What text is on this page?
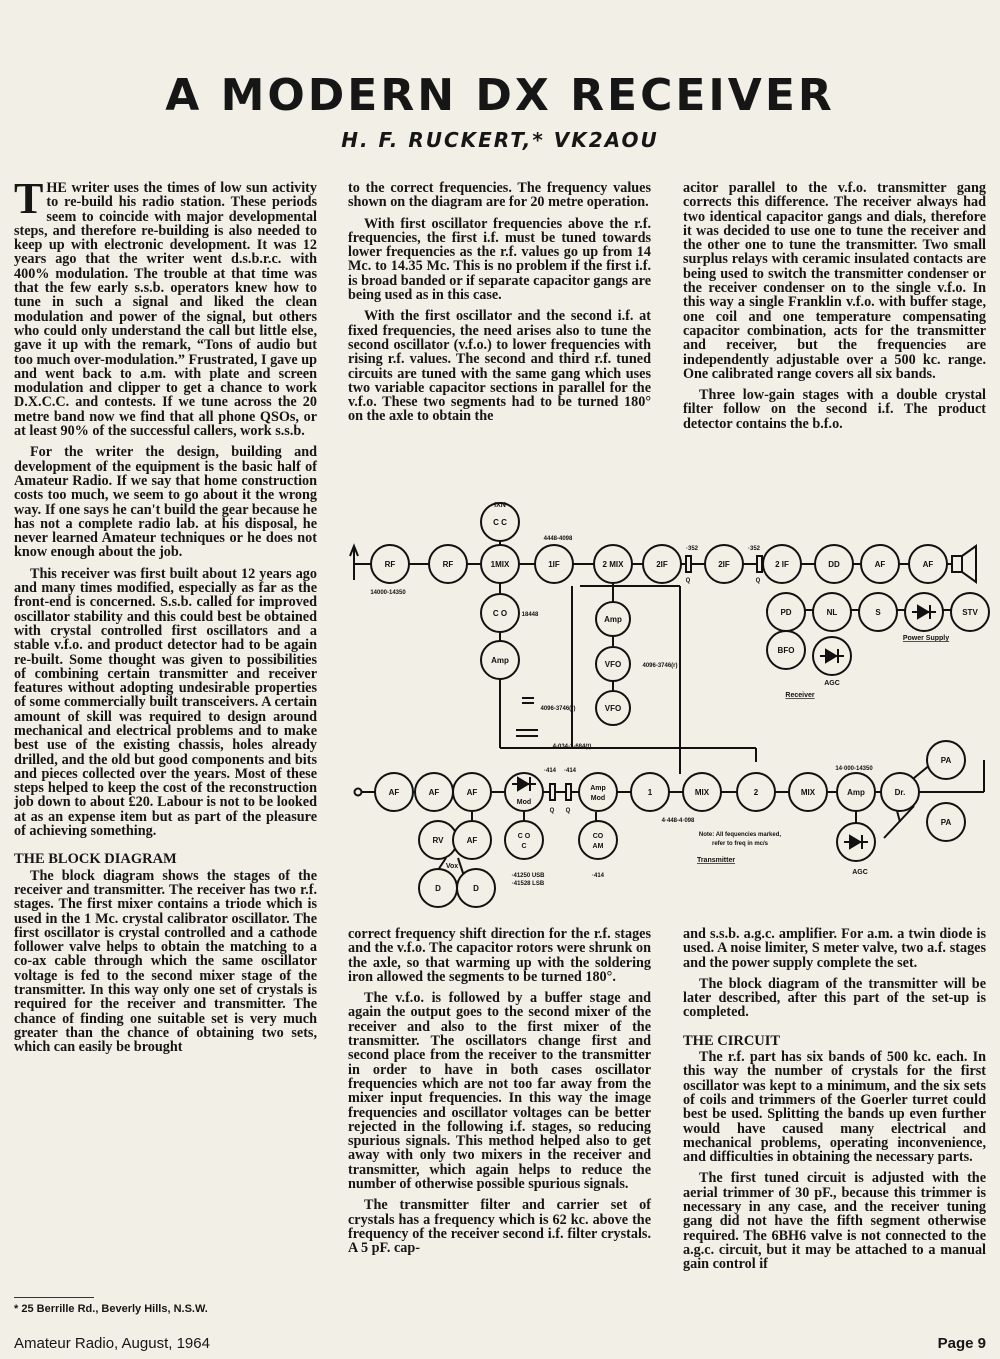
A MODERN DX RECEIVER
H. F. RUCKERT,* VK2AOU

THE writer uses the times of low sun activity to re-build his radio station. These periods seem to coincide with major developmental steps, and therefore re-building is also needed to keep up with electronic development. It was 12 years ago that the writer went d.s.b.r.c. with 400% modulation. The trouble at that time was that the few early s.s.b. operators knew how to tune in such a signal and liked the clean modulation and power of the signal, but others who could only understand the call but little else, gave it up with the remark, “Tons of audio but too much over-modulation.” Frustrated, I gave up and went back to a.m. with plate and screen modulation and clipper to get a chance to work D.X.C.C. and contests. If we tune across the 20 metre band now we find that all phone QSOs, or at least 90% of the successful callers, work s.s.b.

For the writer the design, building and development of the equipment is the basic half of Amateur Radio. If we say that home construction costs too much, we seem to go about it the wrong way. If one says he can't build the gear because he has not a complete radio lab. at his disposal, he never learned Amateur techniques or he does not know enough about the job.

This receiver was first built about 12 years ago and many times modified, especially as far as the front-end is concerned. S.s.b. called for improved oscillator stability and this could best be obtained with crystal controlled first oscillators and a stable v.f.o. and product detector had to be again re-built. Some thought was given to possibilities of combining certain transmitter and receiver features without adopting undesirable properties of some commercially built transceivers. A certain amount of skill was required to design around mechanical and electrical problems and to make best use of the existing chassis, holes already drilled, and the old but good components and bits and pieces collected over the years. Most of these steps helped to keep the cost of the reconstruction job down to about £20. Labour is not to be looked at as an expense item but as part of the pleasure of achieving something.

THE BLOCK DIAGRAM

The block diagram shows the stages of the receiver and transmitter. The receiver has two r.f. stages. The first mixer contains a triode which is used in the 1 Mc. crystal calibrator oscillator. The first oscillator is crystal controlled and a cathode follower valve helps to obtain the matching to a co-ax cable through which the same oscillator voltage is fed to the second mixer stage of the transmitter. In this way only one set of crystals is required for the receiver and transmitter. The chance of finding one suitable set is very much greater than the chance of obtaining two sets, which can easily be brought

to the correct frequencies. The frequency values shown on the diagram are for 20 metre operation.

With first oscillator frequencies above the r.f. frequencies, the first i.f. must be tuned towards lower frequencies as the r.f. values go up from 14 Mc. to 14.35 Mc. This is no problem if the first i.f. is broad banded or if separate capacitor gangs are being used as in this case.

With the first oscillator and the second i.f. at fixed frequencies, the need arises also to tune the second oscillator (v.f.o.) to lower frequencies with rising r.f. values. The second and third r.f. tuned circuits are tuned with the same gang which uses two variable capacitor sections in parallel for the v.f.o. These two segments had to be turned 180° on the axle to obtain the

acitor parallel to the v.f.o. transmitter gang corrects this difference. The receiver always had two identical capacitor gangs and dials, therefore it was decided to use one to tune the receiver and the other one to tune the transmitter. Two small surplus relays with ceramic insulated contacts are being used to switch the transmitter condenser or the receiver condenser on to the single v.f.o. In this way a single Franklin v.f.o. with buffer stage, one coil and one temperature compensating capacitor combination, acts for the transmitter and receiver, but the frequencies are independently adjustable over a 500 kc. range. One calibrated range covers all six bands.

Three low-gain stages with a double crystal filter follow on the second i.f. The product detector contains the b.f.o.

RF	RF	1MIX	1IF	2 MIX	2IF	2IF	2 IF	DD	AF	AF
C C
IXN
C O
Amp
Amp
VFO
VFO
PD	NL	S	STV
BFO
14000-14350
18448
4448-4098
·352	·352
Q	Q
4096-3746(r)
AGC
Power Supply
Receiver
4096-3746(r)
4-034-3-684(t)
AF	AF	AF
Mod
Amp
Mod
1	MIX	2	MIX	Amp	Dr.
PA
PA
RV	AF
Vox
D	D
C O
C
CO
AM
·414 ·414
Q Q
4·448-4·098
14·000-14350
·41250 USB
·41528 LSB
·414	AGC
Transmitter
Note: All fequencies marked,
refer to freq in mc/s

correct frequency shift direction for the r.f. stages and the v.f.o. The capacitor rotors were shrunk on the axle, so that warming up with the soldering iron allowed the segments to be turned 180°.

The v.f.o. is followed by a buffer stage and again the output goes to the second mixer of the receiver and also to the first mixer of the transmitter. The oscillators change first and second place from the receiver to the transmitter in order to have in both cases oscillator frequencies which are not too far away from the mixer input frequencies. In this way the image frequencies and oscillator voltages can be better rejected in the following i.f. stages, so reducing spurious signals. This method helped also to get away with only two mixers in the receiver and transmitter, which again helps to reduce the number of otherwise possible spurious signals.

The transmitter filter and carrier set of crystals has a frequency which is 62 kc. above the frequency of the receiver second i.f. filter crystals. A 5 pF. cap-

and s.s.b. a.g.c. amplifier. For a.m. a twin diode is used. A noise limiter, S meter valve, two a.f. stages and the power supply complete the set.

The block diagram of the transmitter will be later described, after this part of the set-up is completed.

THE CIRCUIT

The r.f. part has six bands of 500 kc. each. In this way the number of crystals for the first oscillator was kept to a minimum, and the six sets of coils and trimmers of the Goerler turret could best be used. Splitting the bands up even further would have caused many electrical and mechanical problems, operating inconvenience, and difficulties in obtaining the necessary parts.

The first tuned circuit is adjusted with the aerial trimmer of 30 pF., because this trimmer is necessary in any case, and the receiver tuning gang did not have the fifth segment otherwise required. The 6BH6 valve is not connected to the a.g.c. circuit, but it may be attached to a manual gain control if

* 25 Berrille Rd., Beverly Hills, N.S.W.
Amateur Radio, August, 1964	Page 9
